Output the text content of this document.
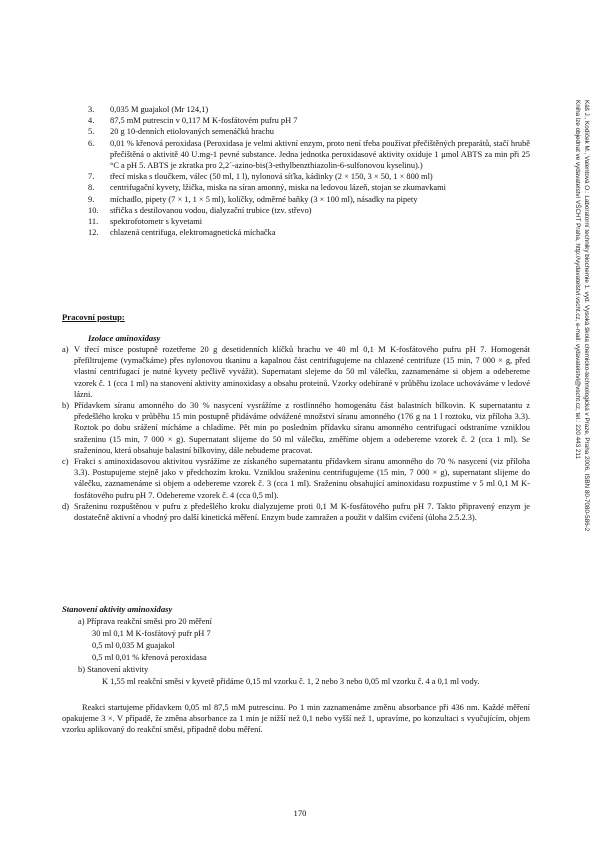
3.	0,035 M guajakol (Mr 124,1)
4.	87,5 mM putrescin v 0,117 M K-fosfátovém pufru pH 7
5.	20 g 10-denních etiolovaných semenáčků hrachu
6.	0,01 % křenová peroxidasa (Peroxidasa je velmi aktivní enzym, proto není třeba používat přečištěných preparátů, stačí hrubě přečištěná o aktivitě 40 U.mg-1 pevné substance. Jedna jednotka peroxidasové aktivity oxiduje 1 µmol ABTS za min při 25 °C a pH 5. ABTS je zkratka pro 2,2´-azino-bis(3-ethylbenzthiazolin-6-sulfonovou kyselinu).)
7.	třecí miska s tloučkem, válec (50 ml, 1 l), nylonová síťka, kádinky (2 × 150, 3 × 50, 1 × 800 ml)
8.	centrifugační kyvety, lžička, miska na síran amonný, miska na ledovou lázeň, stojan se zkumavkami
9.	míchadlo, pipety (7 × 1, 1 × 5 ml), kolíčky, odměrné baňky (3 × 100 ml), násadky na pipety
10.	střička s destilovanou vodou, dialyzační trubice (tzv. střevo)
11.	spektrofotometr s kyvetami
12.	chlazená centrifuga, elektromagnetická míchačka
Pracovní postup:
Izolace aminoxidasy
a) V třecí misce postupně rozetřeme 20 g desetidenních klíčků hrachu ve 40 ml 0,1 M K-fosfátového pufru pH 7. Homogenát přefiltrujeme (vymačkáme) přes nylonovou tkaninu a kapalnou část centrifugujeme na chlazené centrifuze (15 min, 7 000 × g, před vlastní centrifugací je nutné kyvety pečlivě vyvážit). Supernatant slejeme do 50 ml válečku, zaznamenáme si objem a odebereme vzorek č. 1 (cca 1 ml) na stanovení aktivity aminoxidasy a obsahu proteinů. Vzorky odebírané v průběhu izolace uchováváme v ledové lázni.
b) Přídavkem síranu amonného do 30 % nasycení vysrážíme z rostlinného homogenátu část balastních bílkovin. K supernatantu z předešlého kroku v průběhu 15 min postupně přidáváme odvážené množství síranu amonného (176 g na 1 l roztoku, viz příloha 3.3). Roztok po dobu srážení mícháme a chladíme. Pět min po posledním přídavku síranu amonného centrifugací odstraníme vzniklou sraženinu (15 min, 7 000 × g). Supernatant slijeme do 50 ml válečku, změříme objem a odebereme vzorek č. 2 (cca 1 ml). Se sraženinou, která obsahuje balastní bílkoviny, dále nebudeme pracovat.
c) Frakci s aminoxidasovou aktivitou vysrážíme ze získaného supernatantu přídavkem síranu amonného do 70 % nasycení (viz příloha 3.3). Postupujeme stejně jako v předchozím kroku. Vzniklou sraženinu centrifugujeme (15 min, 7 000 × g), supernatant slijeme do válečku, zaznamenáme si objem a odebereme vzorek č. 3 (cca 1 ml). Sraženinu obsahující aminoxidasu rozpustíme v 5 ml 0,1 M K-fosfátového pufru pH 7. Odebereme vzorek č. 4 (cca 0,5 ml).
d) Sraženinu rozpuštěnou v pufru z předešlého kroku dialyzujeme proti 0,1 M K-fosfátového pufru pH 7. Takto připravený enzym je dostatečně aktivní a vhodný pro další kinetická měření. Enzym bude zamražen a použit v dalším cvičení (úloha 2.5.2.3).
Stanovení aktivity aminoxidasy
a) Příprava reakční směsi pro 20 měření
30 ml 0,1 M K-fosfátový pufr pH 7
0,5 ml 0,035 M guajakol
0,5 ml 0,01 % křenová peroxidasa
b) Stanovení aktivity
K 1,55 ml reakční směsi v kyvetě přidáme 0,15 ml vzorku č. 1, 2 nebo 3 nebo 0,05 ml vzorku č. 4 a 0,1 ml vody.
Reakci startujeme přídavkem 0,05 ml 87,5 mM putrescinu. Po 1 min zaznamenáme změnu absorbance při 436 nm. Každé měření opakujeme 3 ×. V případě, že změna absorbance za 1 min je nižší než 0,1 nebo vyšší než 1, upravíme, po konzultaci s vyučujícím, objem vzorku aplikovaný do reakční směsi, případně dobu měření.
170
Káš J., Kodíček M., Valentová O.: Laboratorní techniky biochemie 1. vyd. Vysoká škola chemicko-technologická v Praze, Praha 2006, ISBN 80-7080-586-2
Kniha lze objednat ve vydavatelství VŠCHT Praha, http://vydavatelstvi.vscht.cz, e-mail: vydavatelstvi@vscht.cz, tel.: 220 443 211
